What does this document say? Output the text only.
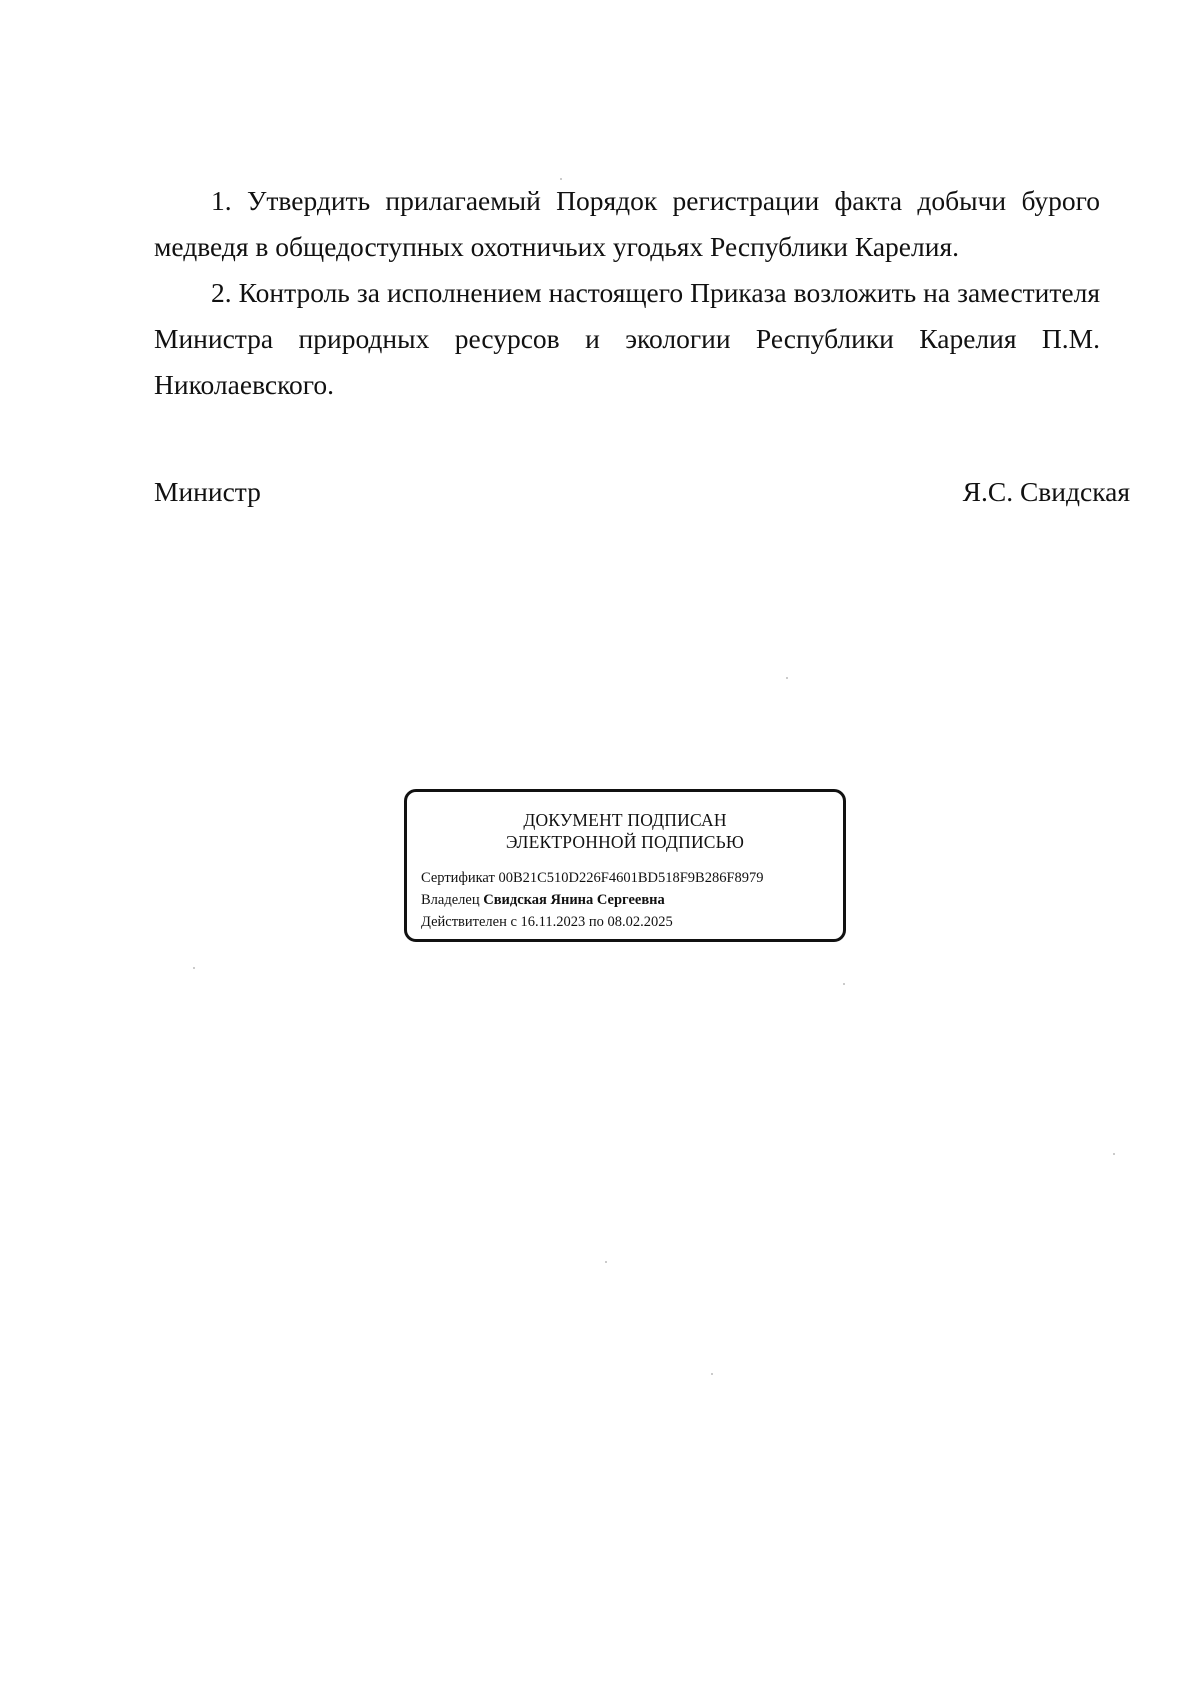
1. Утвердить прилагаемый Порядок регистрации факта добычи бурого медведя в общедоступных охотничьих угодьях Республики Карелия.

2. Контроль за исполнением настоящего Приказа возложить на заместителя Министра природных ресурсов и экологии Республики Карелия П.М. Николаевского.

Министр	Я.С. Свидская
ДОКУМЕНТ ПОДПИСАН
ЭЛЕКТРОННОЙ ПОДПИСЬЮ
Сертификат 00B21C510D226F4601BD518F9B286F8979
Владелец Свидская Янина Сергеевна
Действителен с 16.11.2023 по 08.02.2025
